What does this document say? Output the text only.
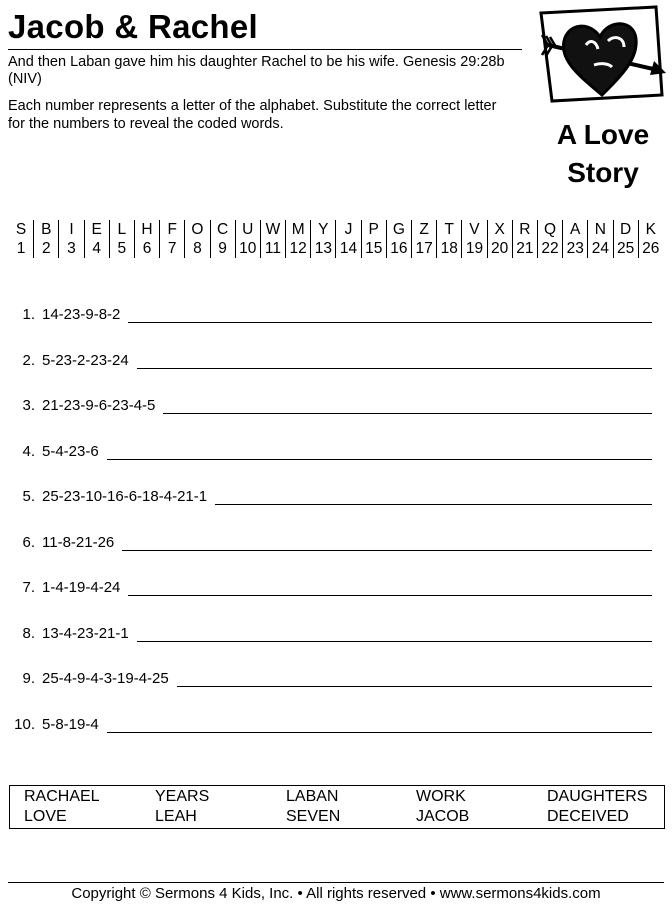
Jacob & Rachel

And then Laban gave him his daughter Rachel to be his wife. Genesis 29:28b (NIV)

Each number represents a letter of the alphabet. Substitute the correct letter for the numbers to reveal the coded words.	A Love
Story
S	B	I	E	L	H	F	O	C	U	W	M	Y	J	P	G	Z	T	V	X	R	Q	A	N	D	K
1	2	3	4	5	6	7	8	9	10	11	12	13	14	15	16	17	18	19	20	21	22	23	24	25	26
1. 14-23-9-8-2
2. 5-23-2-23-24
3. 21-23-9-6-23-4-5
4. 5-4-23-6
5. 25-23-10-16-6-18-4-21-1
6. 11-8-21-26
7. 1-4-19-4-24
8. 13-4-23-21-1
9. 25-4-9-4-3-19-4-25
10. 5-8-19-4
RACHAEL	YEARS	LABAN	WORK	DAUGHTERS
LOVE	LEAH	SEVEN	JACOB	DECEIVED
Copyright © Sermons 4 Kids, Inc. • All rights reserved • www.sermons4kids.com
